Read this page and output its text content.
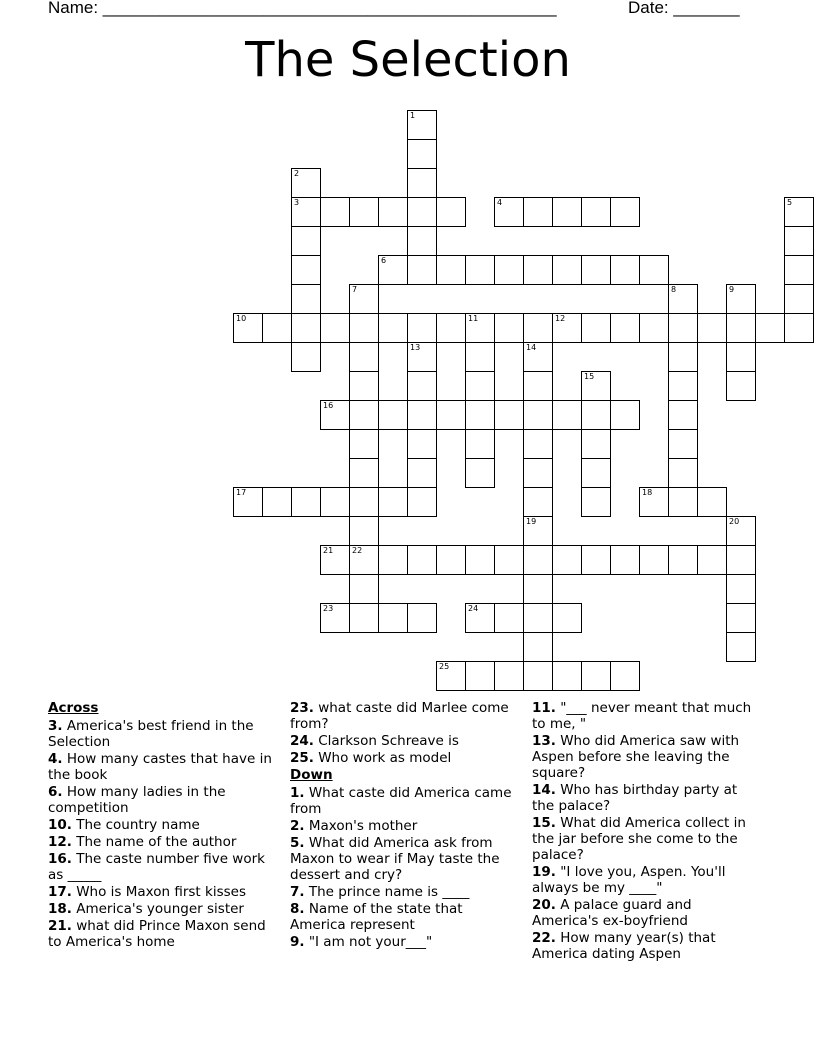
Name: ________________________________________________	Date: _______
The Selection
3	4
6
10	11	12
16
17	18
21 22
23	24
25
1
2
5
7	8	9
13	14
15
19	20
Across
3. America's best friend in the Selection
4. How many castes that have in the book
6. How many ladies in the competition
10. The country name
12. The name of the author
16. The caste number five work as _____
17. Who is Maxon first kisses
18. America's younger sister
21. what did Prince Maxon send to America's home
23. what caste did Marlee come from?
24. Clarkson Schreave is
25. Who work as model
Down
1. What caste did America came from
2. Maxon's mother
5. What did America ask from Maxon to wear if May taste the dessert and cry?
7. The prince name is ____
8. Name of the state that America represent
9. "I am not your___"
11. "___ never meant that much to me, "
13. Who did America saw with Aspen before she leaving the square?
14. Who has birthday party at the palace?
15. What did America collect in the jar before she come to the palace?
19. "I love you, Aspen. You'll always be my ____"
20. A palace guard and America's ex-boyfriend
22. How many year(s) that America dating Aspen
